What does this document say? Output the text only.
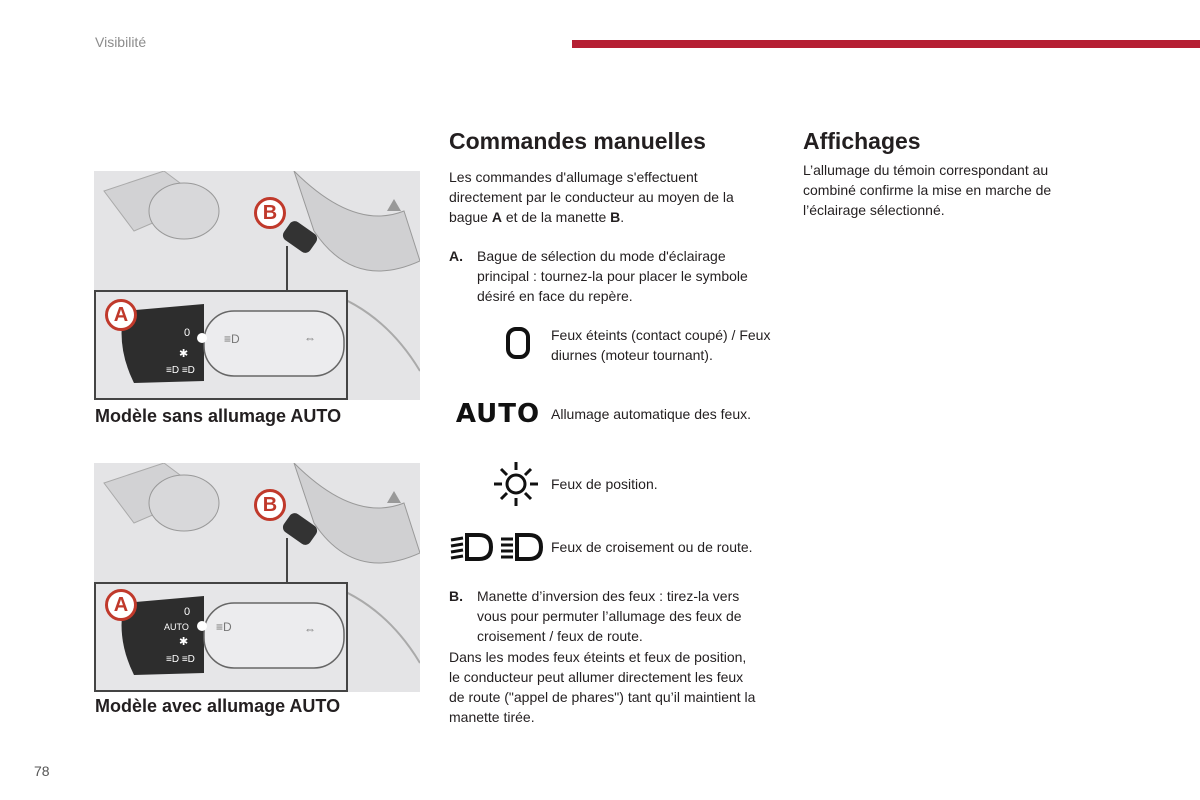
Visibilité
0
✱
≡D ≡D
≡D	⇔
A
B
Modèle sans allumage AUTO
0
AUTO
✱
≡D ≡D
≡D	⇔
A
B
Modèle avec allumage AUTO
Commandes manuelles
Les commandes d'allumage s'effectuent directement par le conducteur au moyen de la bague A et de la manette B.
A. Bague de sélection du mode d'éclairage principal : tournez-la pour placer le symbole désiré en face du repère.
Feux éteints (contact coupé) / Feux diurnes (moteur tournant).
AUTO Allumage automatique des feux.
Feux de position.
Feux de croisement ou de route.
B. Manette d’inversion des feux : tirez-la vers vous pour permuter l’allumage des feux de croisement / feux de route.
Dans les modes feux éteints et feux de position, le conducteur peut allumer directement les feux de route ("appel de phares") tant qu’il maintient la manette tirée.
Affichages
L’allumage du témoin correspondant au combiné confirme la mise en marche de l’éclairage sélectionné.
78
